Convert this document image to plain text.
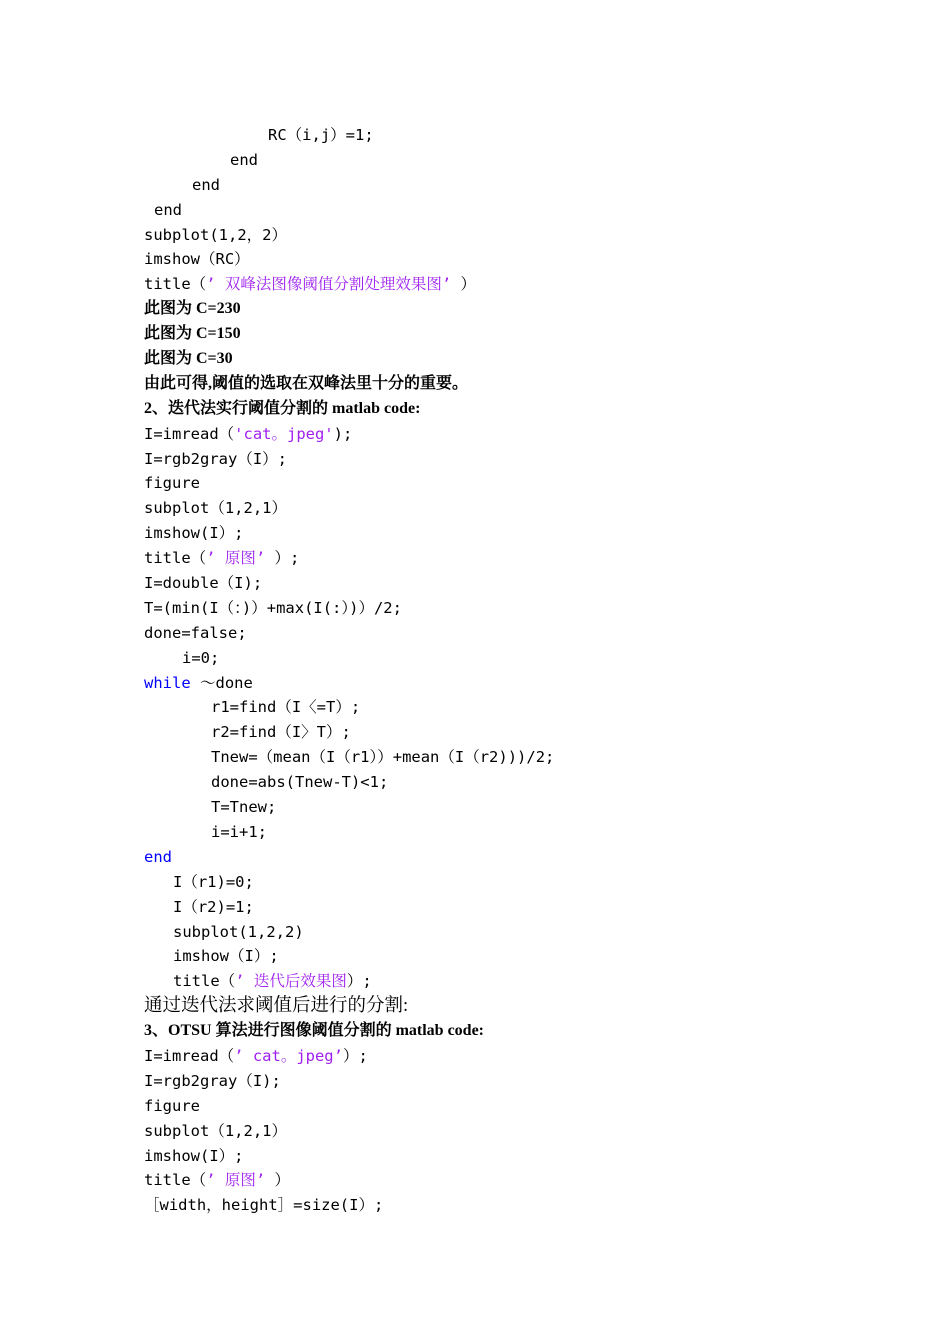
RC（i,j）=1;
end
end
end
subplot(1,2，2）
imshow（RC）
title（’ 双峰法图像阈值分割处理效果图’ ）
此图为 C=230
此图为 C=150
此图为 C=30
由此可得,阈值的选取在双峰法里十分的重要。
2、迭代法实行阈值分割的 matlab code:
I=imread（'cat。jpeg');
I=rgb2gray（I）;
figure
subplot（1,2,1）
imshow(I）;
title（’ 原图’ ）;
I=double（I);
T=(min(I（：)）+max(I(:）)）/2;
done=false;
i=0;
while ～done
r1=find（I〈=T）;
r2=find（I〉T）;
Tnew=（mean（I（r1））+mean（I（r2)))/2;
done=abs(Tnew-T)<1;
T=Tnew;
i=i+1;
end
I（r1)=0;
I（r2)=1;
subplot(1,2,2)
imshow（I）;
title（’ 迭代后效果图）;
通过迭代法求阈值后进行的分割:
3、OTSU 算法进行图像阈值分割的 matlab code:
I=imread（’ cat。jpeg’）;
I=rgb2gray（I);
figure
subplot（1,2,1）
imshow(I）;
title（’ 原图’ ）
［width，height］=size(I）;
